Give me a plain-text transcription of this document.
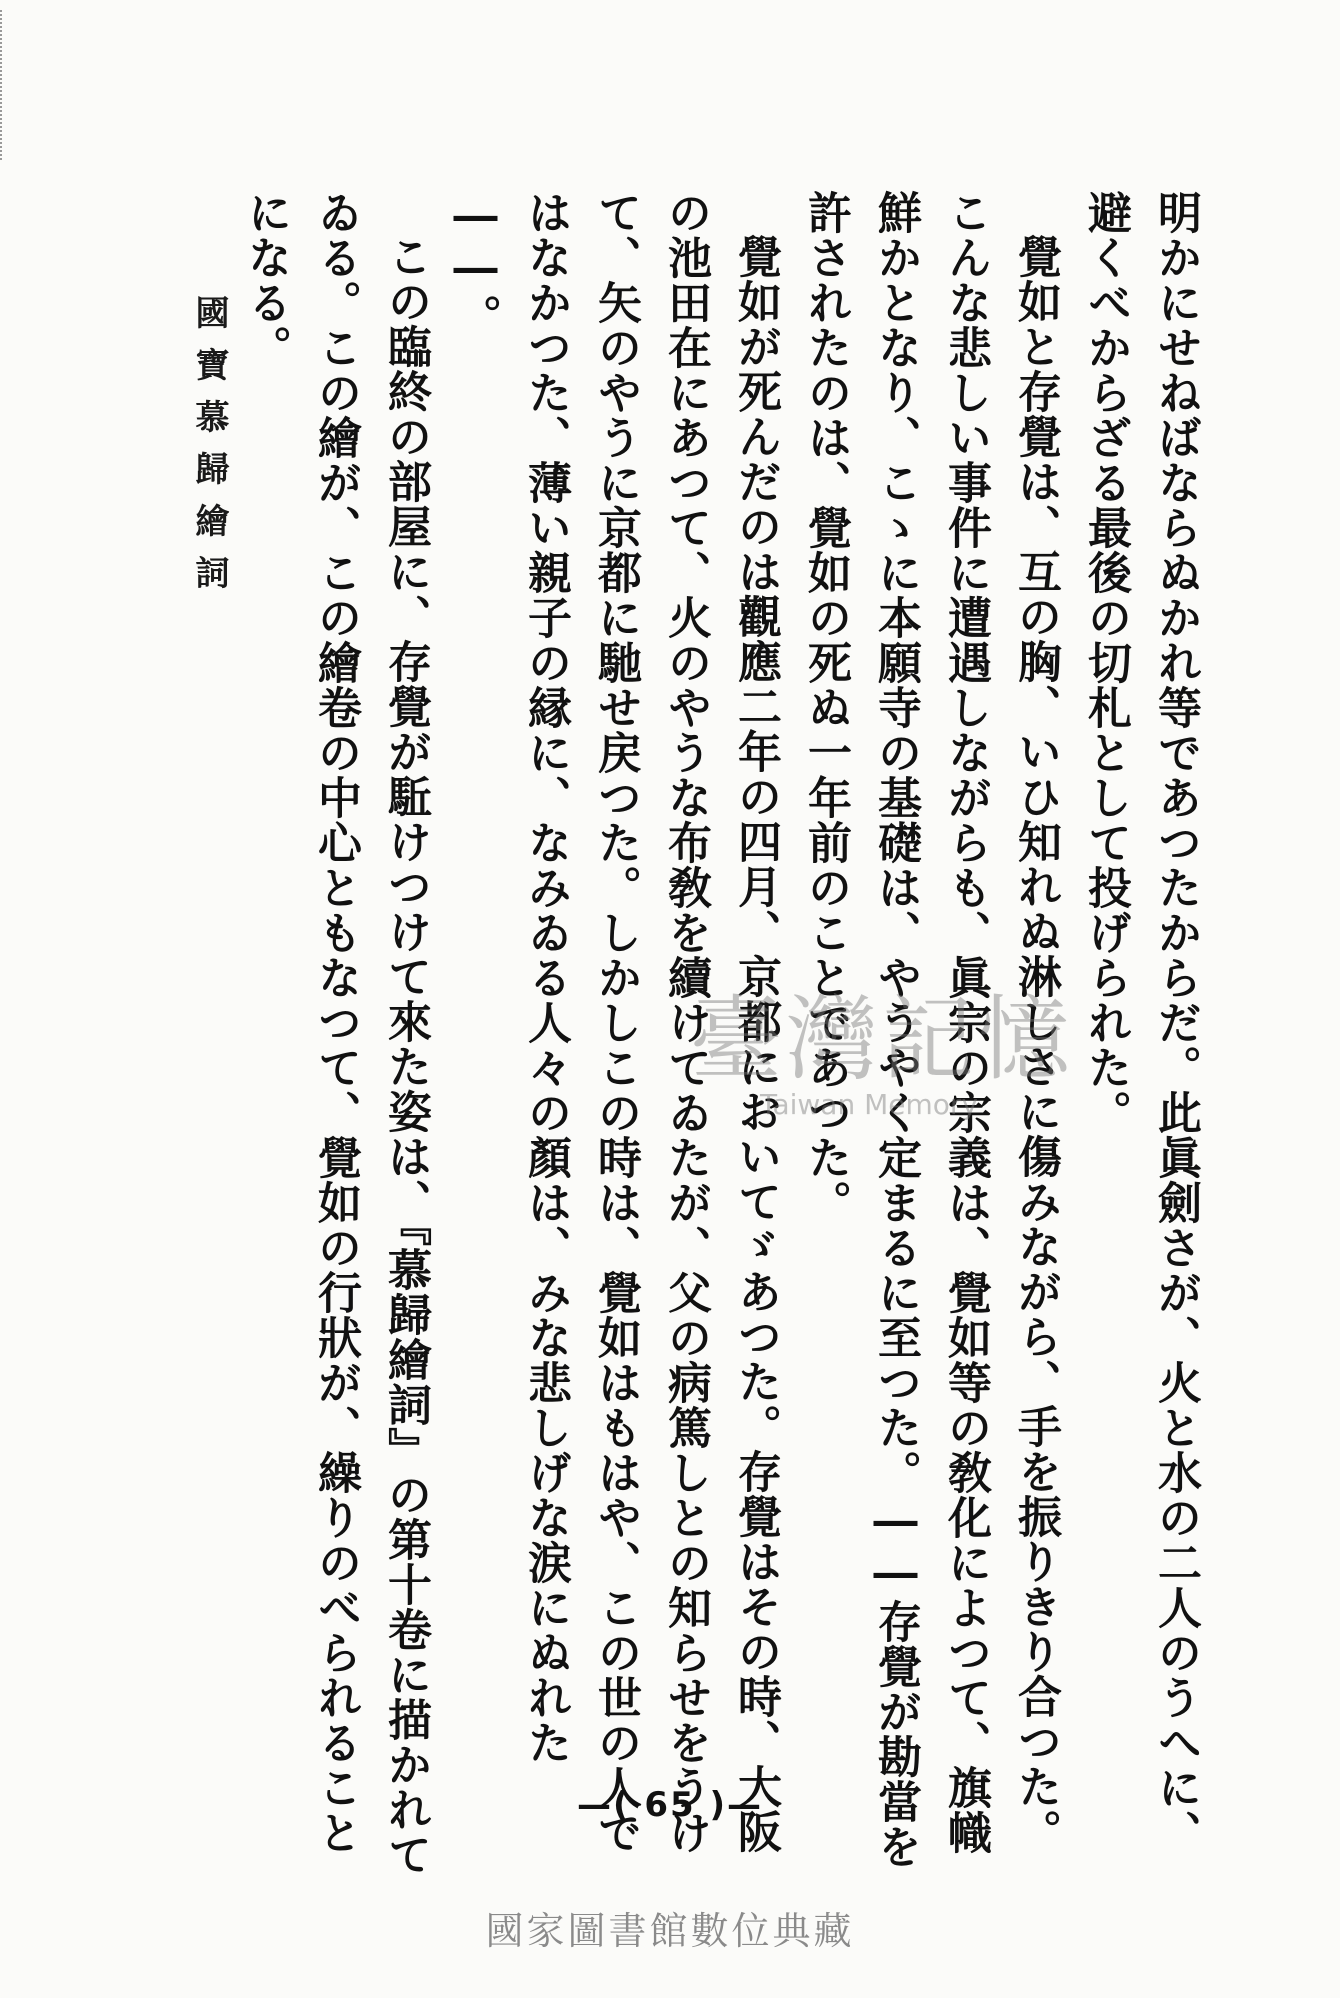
明かにせねばならぬかれ等であつたからだ。此眞劍さが、火と水の二人のうへに、避くべからざる最後の切札として投げられた。

覺如と存覺は、互の胸、いひ知れぬ淋しさに傷みながら、手を振りきり合つた。こんな悲しい事件に遭遇しながらも、眞宗の宗義は、覺如等の敎化によつて、旗幟鮮かとなり、こゝに本願寺の基礎は、やうやく定まるに至つた。――存覺が勘當を許されたのは、覺如の死ぬ一年前のことであつた。

覺如が死んだのは觀應二年の四月、京都においてゞあつた。存覺はその時、大阪の池田在にあつて、火のやうな布敎を續けてゐたが、父の病篤しとの知らせをうけて、矢のやうに京都に馳せ戻つた。しかしこの時は、覺如はもはや、この世の人ではなかつた、薄い親子の縁に、なみゐる人々の顏は、みな悲しげな涙にぬれた――。

この臨終の部屋に、存覺が駈けつけて來た姿は、『慕歸繪詞』の第十卷に描かれてゐる。この繪が、この繪卷の中心ともなつて、覺如の行狀が、繰りのべられることになる。

國寶慕歸繪詞
臺灣記憶
Taiwan Memory
—( 65 )—
國家圖書館數位典藏
